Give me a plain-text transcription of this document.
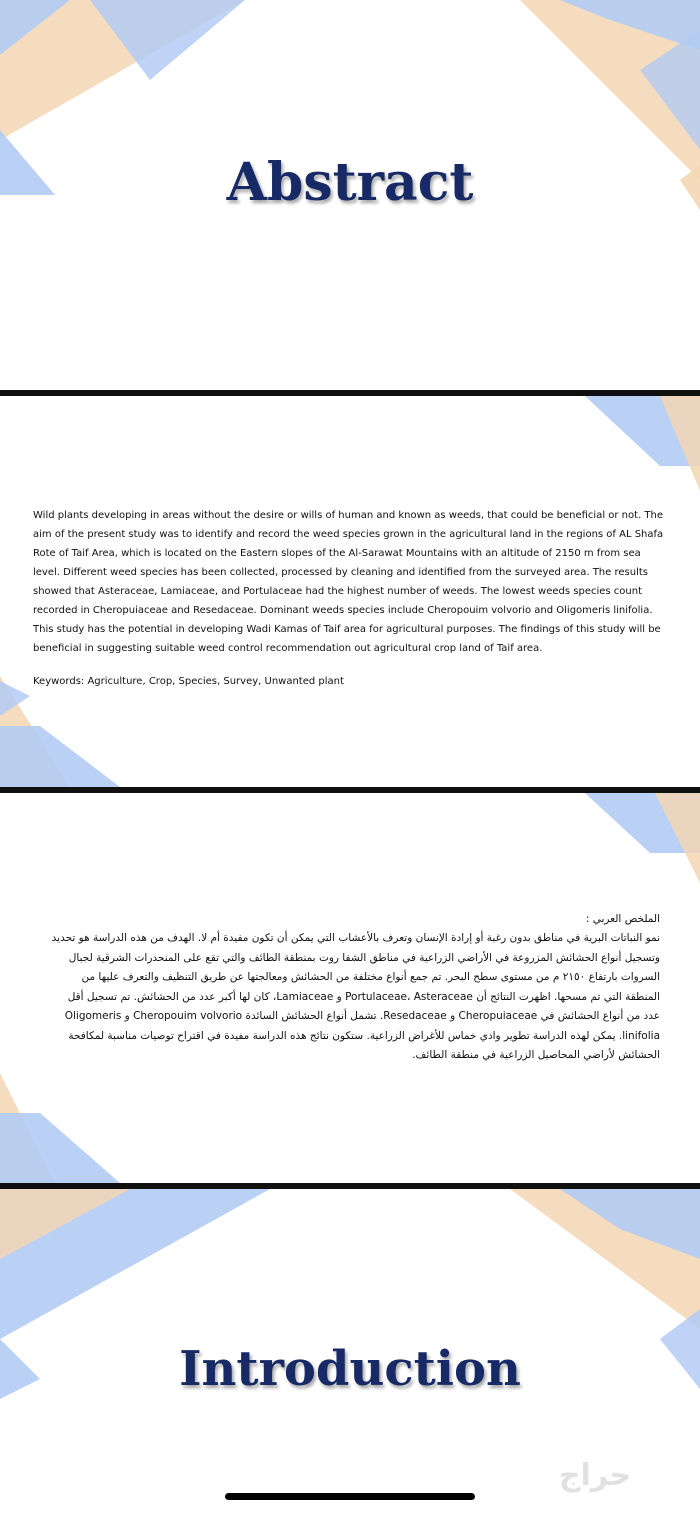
Abstract

Wild plants developing in areas without the desire or wills of human and known as weeds, that could be beneficial or not. The aim of the present study was to identify and record the weed species grown in the agricultural land in the regions of AL Shafa Rote of Taif Area, which is located on the Eastern slopes of the Al-Sarawat Mountains with an altitude of 2150 m from sea level. Different weed species has been collected, processed by cleaning and identified from the surveyed area. The results showed that Asteraceae, Lamiaceae, and Portulaceae had the highest number of weeds. The lowest weeds species count recorded in Cheropuiaceae and Resedaceae. Dominant weeds species include Cheropouim volvorio and Oligomeris linifolia. This study has the potential in developing Wadi Kamas of Taif area for agricultural purposes. The findings of this study will be beneficial in suggesting suitable weed control recommendation out agricultural crop land of Taif area.

Keywords: Agriculture, Crop, Species, Survey, Unwanted plant

الملخص العربي :

نمو النباتات البرية في مناطق بدون رغبة أو إرادة الإنسان وتعرف بالأعشاب التي يمكن أن تكون مفيدة أم لا. الهدف من هذه الدراسة هو تحديد وتسجيل أنواع الحشائش المزروعة في الأراضي الزراعية في مناطق الشفا روت بمنطقة الطائف والتي تقع على المنحدرات الشرقية لجبال السروات بارتفاع ٢١٥٠ م من مستوى سطح البحر. تم جمع أنواع مختلفة من الحشائش ومعالجتها عن طريق التنظيف والتعرف عليها من المنطقة التي تم مسحها. اظهرت النتائج أن Portulaceae، Asteraceae و Lamiaceae، كان لها أكبر عدد من الحشائش. تم تسجيل أقل عدد من أنواع الحشائش في Cheropuiaceae و Resedaceae. تشمل أنواع الحشائش السائدة Cheropouim volvorio و Oligomeris linifolia. يمكن لهذه الدراسة تطوير وادي خماس للأغراض الزراعية. ستكون نتائج هذه الدراسة مفيدة في اقتراح توصيات مناسبة لمكافحة الحشائش لأراضي المحاصيل الزراعية في منطقة الطائف.

Introduction
حراج
